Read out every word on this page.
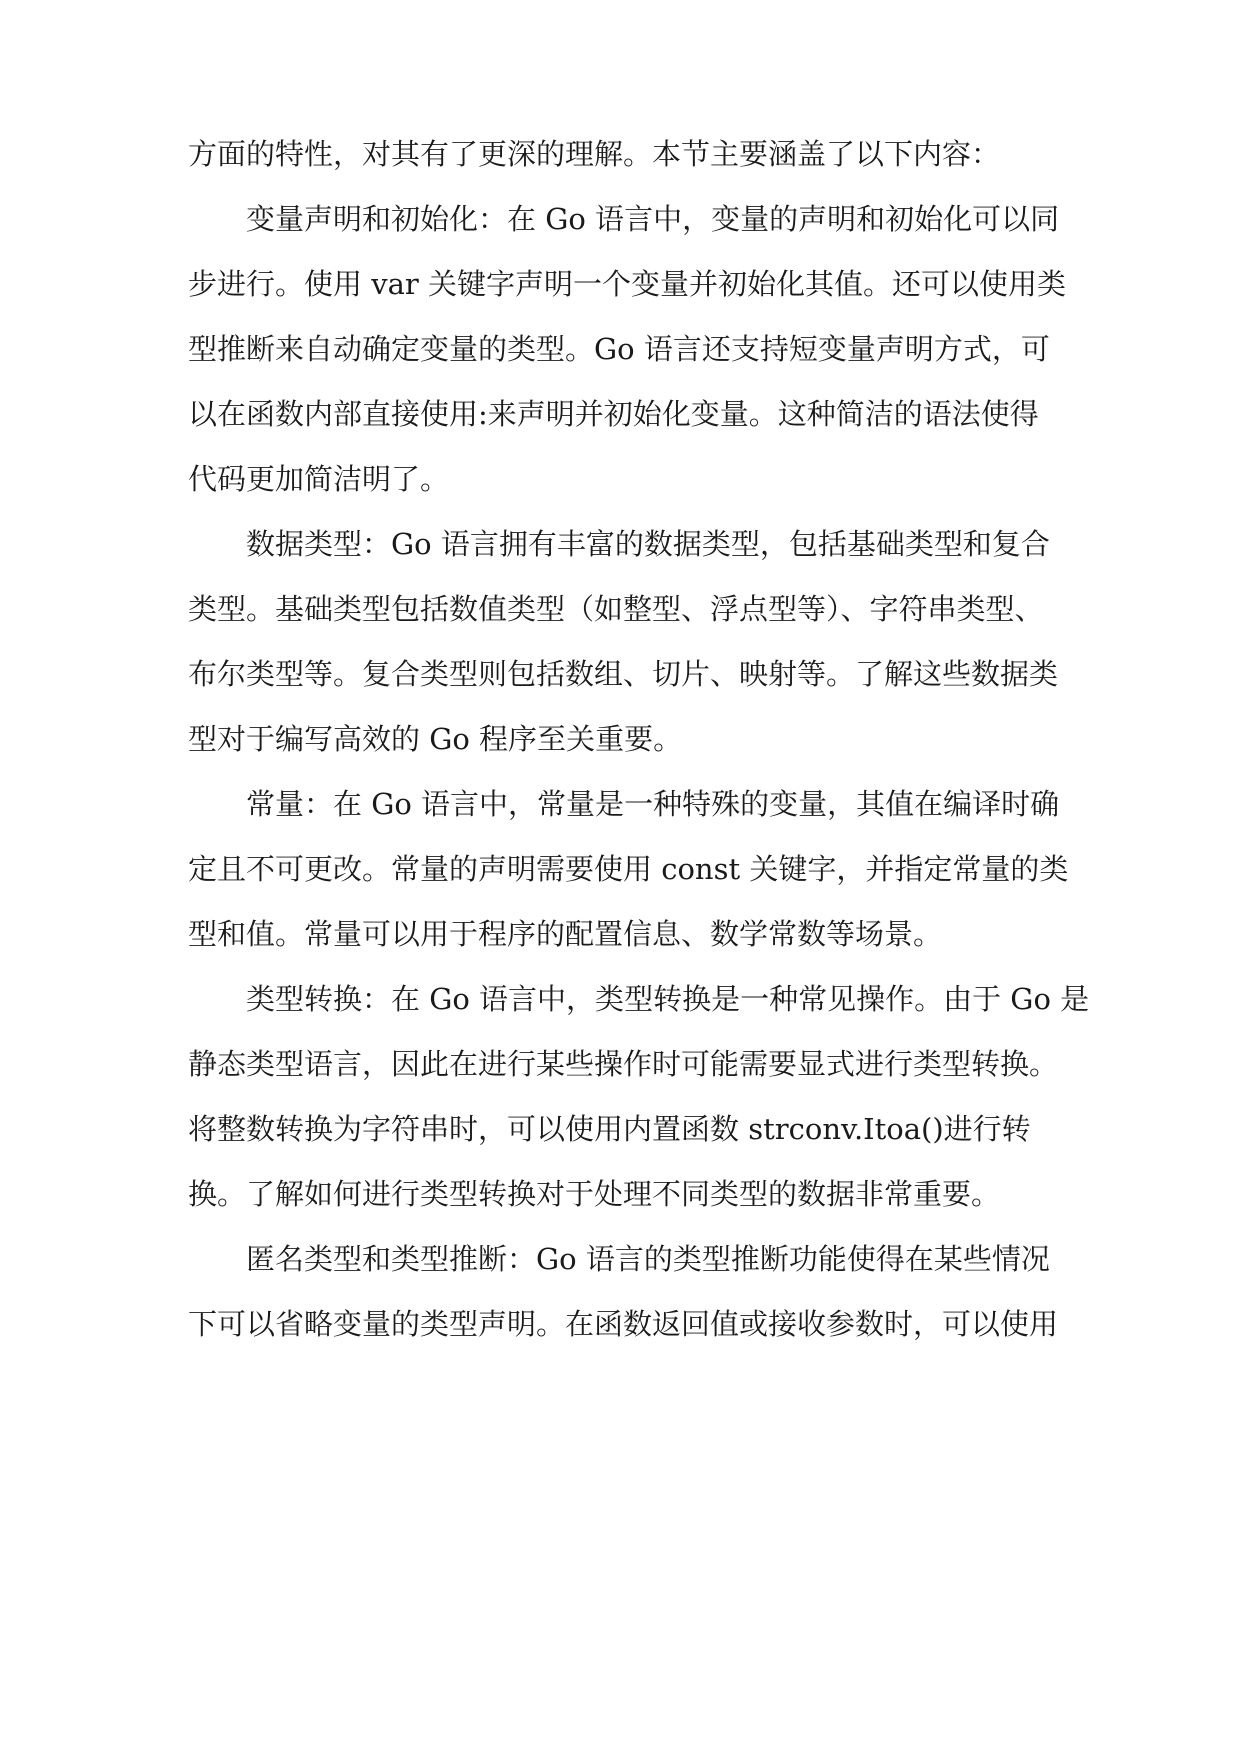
方面的特性，对其有了更深的理解。本节主要涵盖了以下内容：
变量声明和初始化：在 Go 语言中，变量的声明和初始化可以同
步进行。使用 var 关键字声明一个变量并初始化其值。还可以使用类
型推断来自动确定变量的类型。Go 语言还支持短变量声明方式，可
以在函数内部直接使用:来声明并初始化变量。这种简洁的语法使得
代码更加简洁明了。
数据类型：Go 语言拥有丰富的数据类型，包括基础类型和复合
类型。基础类型包括数值类型（如整型、浮点型等）、字符串类型、
布尔类型等。复合类型则包括数组、切片、映射等。了解这些数据类
型对于编写高效的 Go 程序至关重要。
常量：在 Go 语言中，常量是一种特殊的变量，其值在编译时确
定且不可更改。常量的声明需要使用 const 关键字，并指定常量的类
型和值。常量可以用于程序的配置信息、数学常数等场景。
类型转换：在 Go 语言中，类型转换是一种常见操作。由于 Go 是
静态类型语言，因此在进行某些操作时可能需要显式进行类型转换。
将整数转换为字符串时，可以使用内置函数 strconv.Itoa()进行转
换。了解如何进行类型转换对于处理不同类型的数据非常重要。
匿名类型和类型推断：Go 语言的类型推断功能使得在某些情况
下可以省略变量的类型声明。在函数返回值或接收参数时，可以使用
